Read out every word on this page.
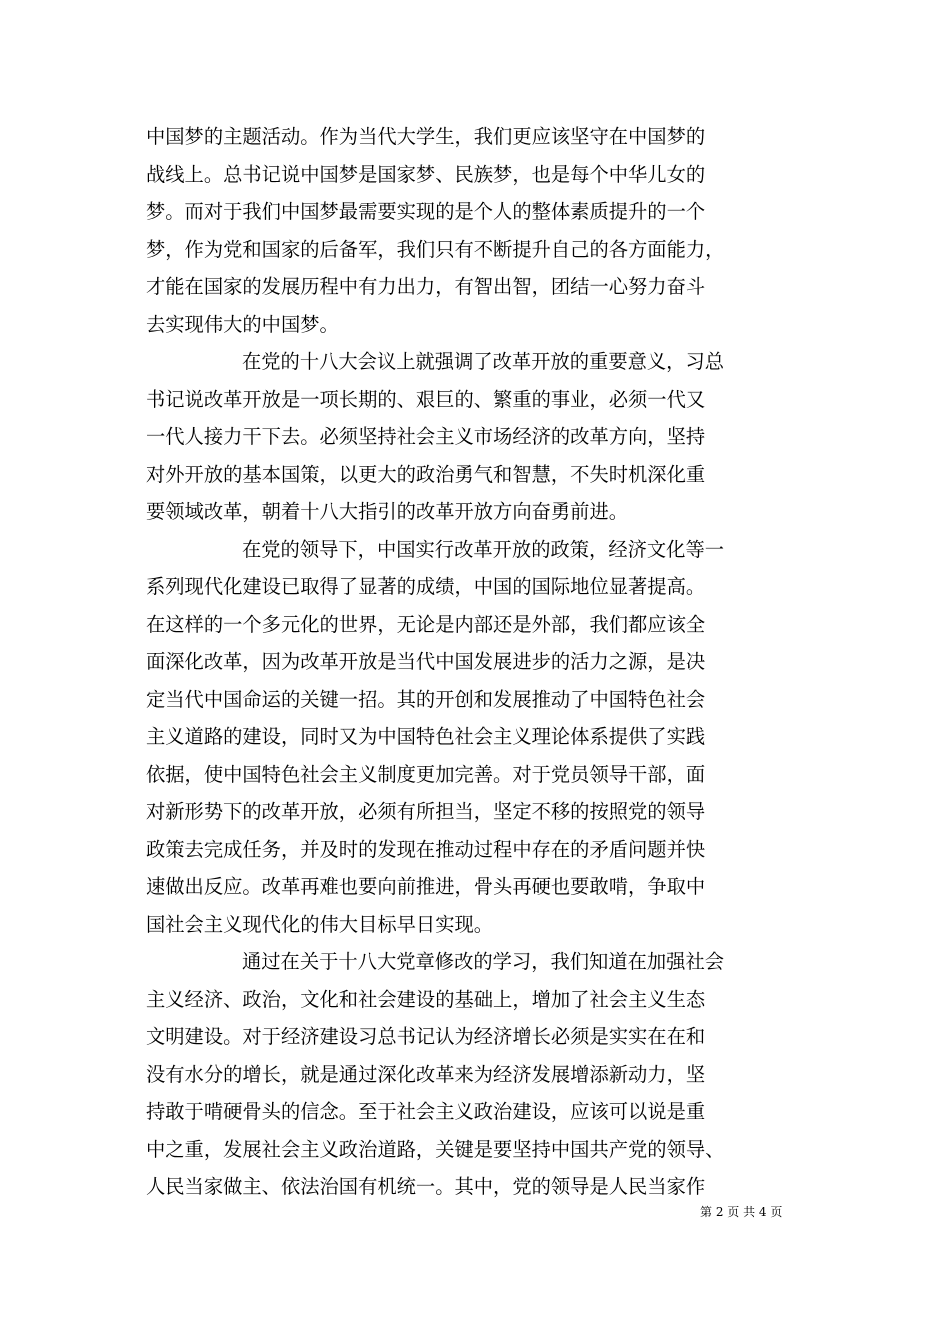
中国梦的主题活动。作为当代大学生，我们更应该坚守在中国梦的
战线上。总书记说中国梦是国家梦、民族梦，也是每个中华儿女的
梦。而对于我们中国梦最需要实现的是个人的整体素质提升的一个
梦，作为党和国家的后备军，我们只有不断提升自己的各方面能力，
才能在国家的发展历程中有力出力，有智出智，团结一心努力奋斗
去实现伟大的中国梦。
在党的十八大会议上就强调了改革开放的重要意义，习总
书记说改革开放是一项长期的、艰巨的、繁重的事业，必须一代又
一代人接力干下去。必须坚持社会主义市场经济的改革方向，坚持
对外开放的基本国策，以更大的政治勇气和智慧，不失时机深化重
要领域改革，朝着十八大指引的改革开放方向奋勇前进。
在党的领导下，中国实行改革开放的政策，经济文化等一
系列现代化建设已取得了显著的成绩，中国的国际地位显著提高。
在这样的一个多元化的世界，无论是内部还是外部，我们都应该全
面深化改革，因为改革开放是当代中国发展进步的活力之源，是决
定当代中国命运的关键一招。其的开创和发展推动了中国特色社会
主义道路的建设，同时又为中国特色社会主义理论体系提供了实践
依据，使中国特色社会主义制度更加完善。对于党员领导干部，面
对新形势下的改革开放，必须有所担当，坚定不移的按照党的领导
政策去完成任务，并及时的发现在推动过程中存在的矛盾问题并快
速做出反应。改革再难也要向前推进，骨头再硬也要敢啃，争取中
国社会主义现代化的伟大目标早日实现。
通过在关于十八大党章修改的学习，我们知道在加强社会
主义经济、政治，文化和社会建设的基础上，增加了社会主义生态
文明建设。对于经济建设习总书记认为经济增长必须是实实在在和
没有水分的增长，就是通过深化改革来为经济发展增添新动力，坚
持敢于啃硬骨头的信念。至于社会主义政治建设，应该可以说是重
中之重，发展社会主义政治道路，关键是要坚持中国共产党的领导、
人民当家做主、依法治国有机统一。其中，党的领导是人民当家作
第 2 页 共 4 页
